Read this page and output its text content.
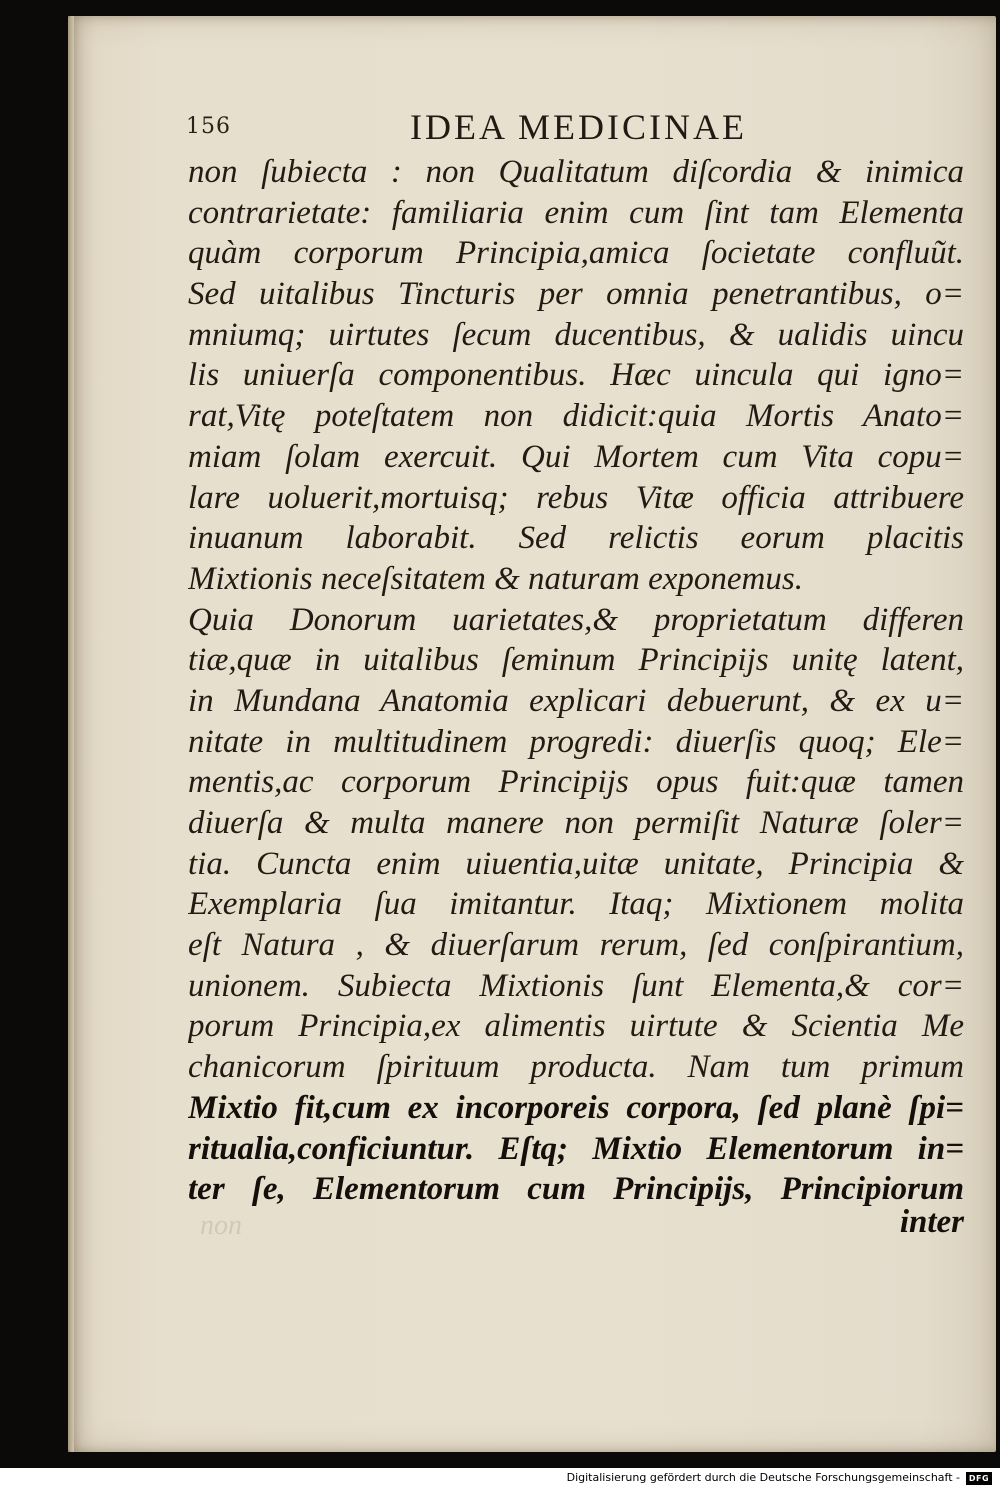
156	IDEA MEDICINAE
non ſubiecta : non Qualitatum diſcordia & inimica
contrarietate: familiaria enim cum ſint tam Elementa
quàm corporum Principia,amica ſocietate confluũt.
Sed uitalibus Tincturis per omnia penetrantibus, o=
mniumq; uirtutes ſecum ducentibus, & ualidis uincu
lis uniuerſa componentibus. Hæc uincula qui igno=
rat,Vitę poteſtatem non didicit:quia Mortis Anato=
miam ſolam exercuit. Qui Mortem cum Vita copu=
lare uoluerit,mortuisq; rebus Vitæ officia attribuere
inuanum laborabit. Sed relictis eorum placitis
Mixtionis neceſsitatem & naturam exponemus.
Quia Donorum uarietates,& proprietatum differen
tiæ,quæ in uitalibus ſeminum Principijs unitę latent,
in Mundana Anatomia explicari debuerunt, & ex u=
nitate in multitudinem progredi: diuerſis quoq; Ele=
mentis,ac corporum Principijs opus fuit:quæ tamen
diuerſa & multa manere non permiſit Naturæ ſoler=
tia. Cuncta enim uiuentia,uitæ unitate, Principia &
Exemplaria ſua imitantur. Itaq; Mixtionem molita
eſt Natura , & diuerſarum rerum, ſed conſpirantium,
unionem. Subiecta Mixtionis ſunt Elementa,& cor=
porum Principia,ex alimentis uirtute & Scientia Me
chanicorum ſpirituum producta. Nam tum primum
Mixtio fit,cum ex incorporeis corpora, ſed planè ſpi=
ritualia,conficiuntur. Eſtq; Mixtio Elementorum in=
ter ſe, Elementorum cum Principijs, Principiorum
non	inter
Digitalisierung gefördert durch die Deutsche Forschungsgemeinschaft -	DFG
